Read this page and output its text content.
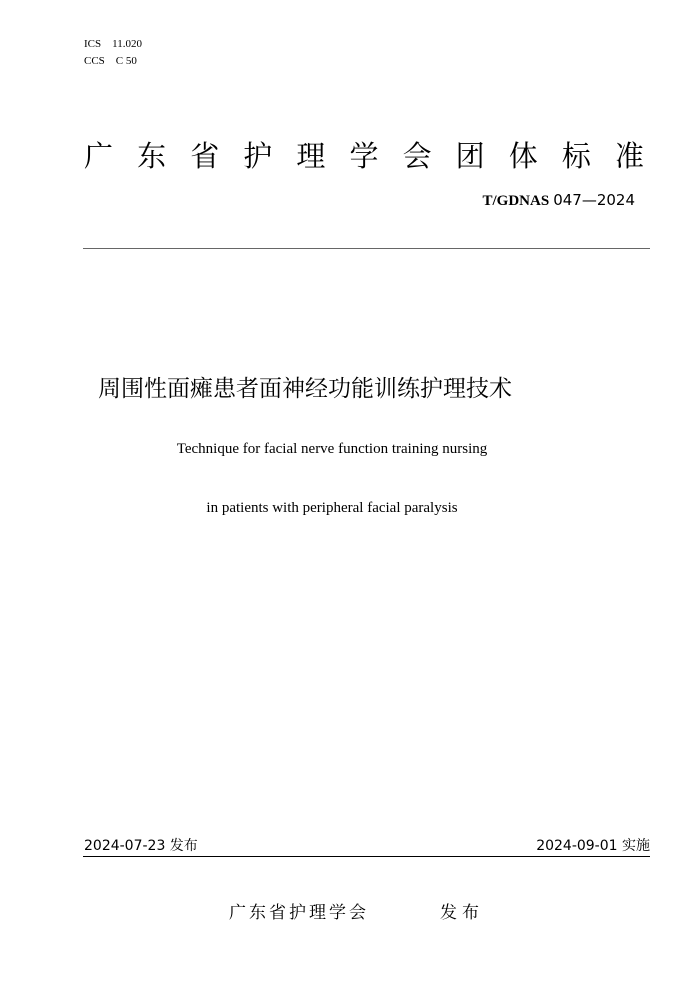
ICS 11.020
CCS C 50
广 东 省 护 理 学 会 团 体 标 准
T/GDNAS 047—2024
周围性面瘫患者面神经功能训练护理技术
Technique for facial nerve function training nursing
in patients with peripheral facial paralysis
2024-07-23 发布	2024-09-01 实施
广东省护理学会	发布
